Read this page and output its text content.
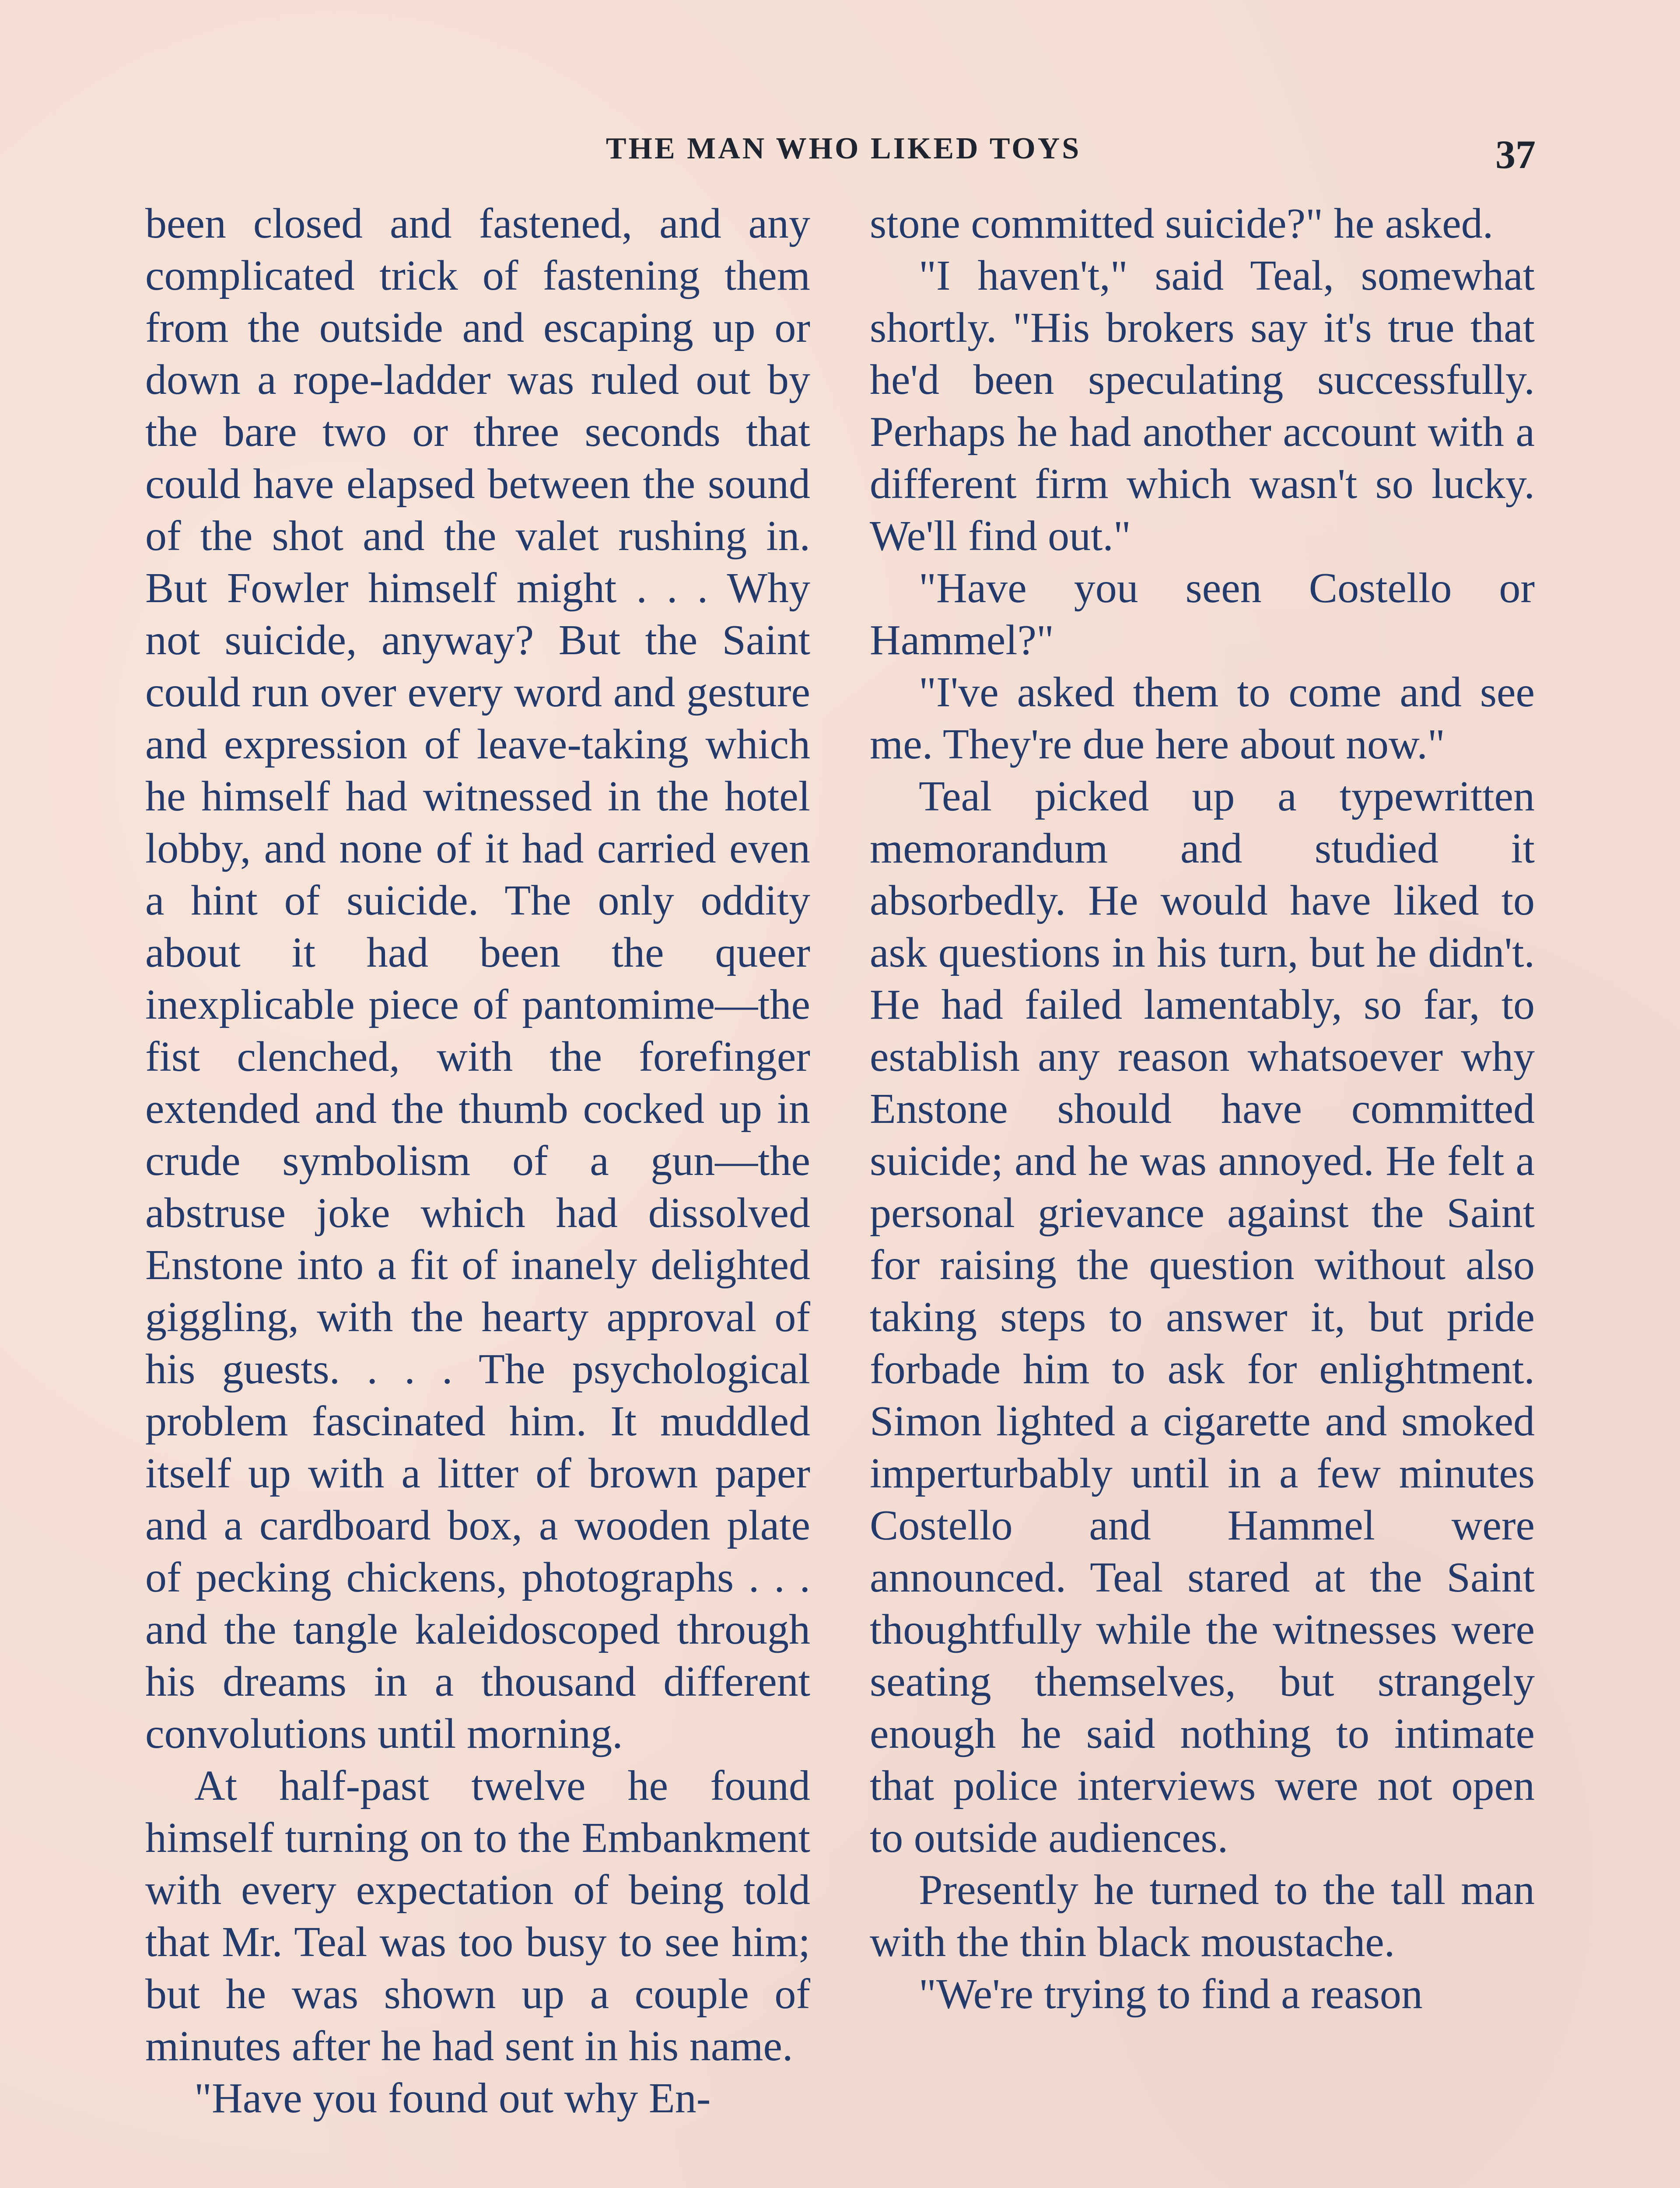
THE MAN WHO LIKED TOYS	37

been closed and fastened, and any complicated trick of fastening them from the outside and escaping up or down a rope-ladder was ruled out by the bare two or three seconds that could have elapsed between the sound of the shot and the valet rushing in. But Fowler himself might . . . Why not suicide, anyway? But the Saint could run over every word and gesture and expression of leave-taking which he himself had witnessed in the hotel lobby, and none of it had carried even a hint of suicide. The only oddity about it had been the queer inexplicable piece of pantomime—the fist clenched, with the forefinger extended and the thumb cocked up in crude symbolism of a gun—the abstruse joke which had dissolved Enstone into a fit of inanely delighted giggling, with the hearty approval of his guests. . . . The psychological problem fascinated him. It muddled itself up with a litter of brown paper and a cardboard box, a wooden plate of pecking chickens, photographs . . . and the tangle kaleidoscoped through his dreams in a thousand different convolutions until morning.

At half-past twelve he found himself turning on to the Embankment with every expectation of being told that Mr. Teal was too busy to see him; but he was shown up a couple of minutes after he had sent in his name.

"Have you found out why En-

stone committed suicide?" he asked.

"I haven't," said Teal, somewhat shortly. "His brokers say it's true that he'd been speculating successfully. Perhaps he had another account with a different firm which wasn't so lucky. We'll find out."

"Have you seen Costello or Hammel?"

"I've asked them to come and see me. They're due here about now."

Teal picked up a typewritten memorandum and studied it absorbedly. He would have liked to ask questions in his turn, but he didn't. He had failed lamentably, so far, to establish any reason whatsoever why Enstone should have committed suicide; and he was annoyed. He felt a personal grievance against the Saint for raising the question without also taking steps to answer it, but pride forbade him to ask for enlightment. Simon lighted a cigarette and smoked imperturbably until in a few minutes Costello and Hammel were announced. Teal stared at the Saint thoughtfully while the witnesses were seating themselves, but strangely enough he said nothing to intimate that police interviews were not open to outside audiences.

Presently he turned to the tall man with the thin black moustache.

"We're trying to find a reason
